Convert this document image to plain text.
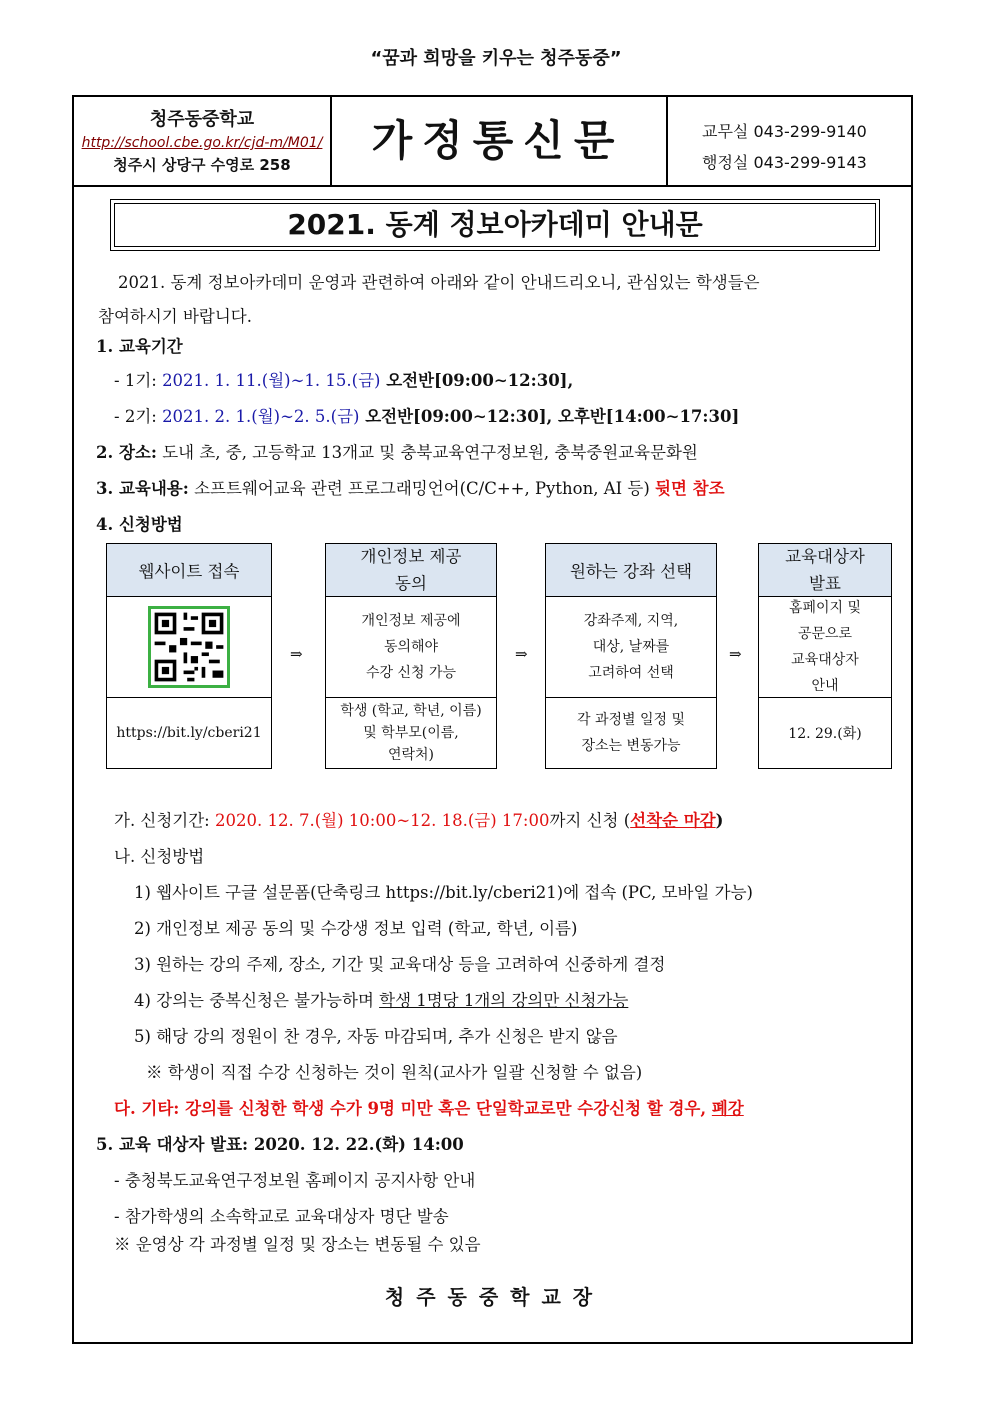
“꿈과 희망을 키우는 청주동중”
청주동중학교
http://school.cbe.go.kr/cjd-m/M01/
청주시 상당구 수영로 258	가정통신문	교무실 043-299-9140
행정실 043-299-9143
2021. 동계 정보아카데미 안내문
2021. 동계 정보아카데미 운영과 관련하여 아래와 같이 안내드리오니, 관심있는 학생들은
참여하시기 바랍니다.
1. 교육기간
- 1기: 2021. 1. 11.(월)∼1. 15.(금) 오전반[09:00∼12:30],
- 2기: 2021. 2. 1.(월)∼2. 5.(금) 오전반[09:00∼12:30], 오후반[14:00∼17:30]
2. 장소: 도내 초, 중, 고등학교 13개교 및 충북교육연구정보원, 충북중원교육문화원
3. 교육내용: 소프트웨어교육 관련 프로그래밍언어(C/C++, Python, AI 등) 뒷면 참조
4. 신청방법
웹사이트 접속
https://bit.ly/cberi21
⇒
개인정보 제공
동의
개인정보 제공에
동의해야
수강 신청 가능
학생 (학교, 학년, 이름)
및 학부모(이름,
연락처)
⇒
원하는 강좌 선택
강좌주제, 지역,
대상, 날짜를
고려하여 선택
각 과정별 일정 및
장소는 변동가능
⇒
교육대상자
발표
홈페이지 및
공문으로
교육대상자
안내
12. 29.(화)
가. 신청기간: 2020. 12. 7.(월) 10:00∼12. 18.(금) 17:00까지 신청 (선착순 마감)
나. 신청방법
1) 웹사이트 구글 설문폼(단축링크 https://bit.ly/cberi21)에 접속 (PC, 모바일 가능)
2) 개인정보 제공 동의 및 수강생 정보 입력 (학교, 학년, 이름)
3) 원하는 강의 주제, 장소, 기간 및 교육대상 등을 고려하여 신중하게 결정
4) 강의는 중복신청은 불가능하며 학생 1명당 1개의 강의만 신청가능
5) 해당 강의 정원이 찬 경우, 자동 마감되며, 추가 신청은 받지 않음
※ 학생이 직접 수강 신청하는 것이 원칙(교사가 일괄 신청할 수 없음)
다. 기타: 강의를 신청한 학생 수가 9명 미만 혹은 단일학교로만 수강신청 할 경우, 폐강
5. 교육 대상자 발표: 2020. 12. 22.(화) 14:00
- 충청북도교육연구정보원 홈페이지 공지사항 안내
- 참가학생의 소속학교로 교육대상자 명단 발송
※ 운영상 각 과정별 일정 및 장소는 변동될 수 있음
청주동중학교장
